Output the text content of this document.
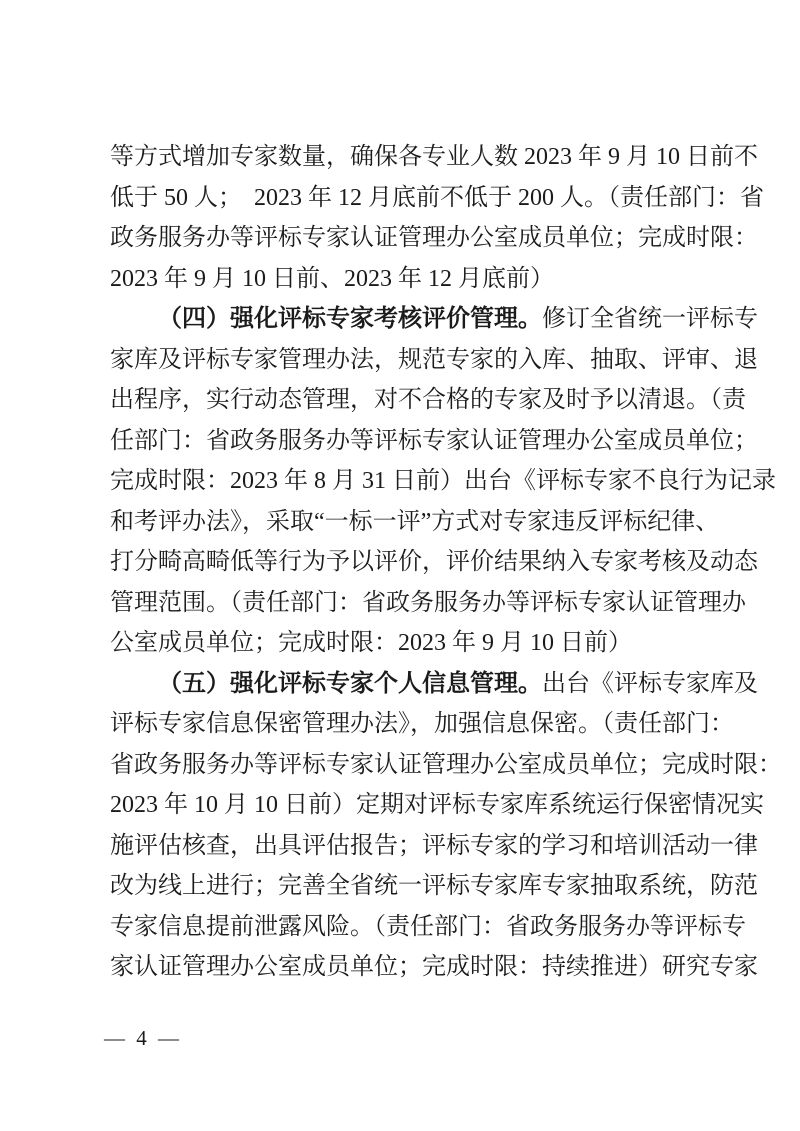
等方式增加专家数量，确保各专业人数 2023 年 9 月 10 日前不
低于 50 人；  2023 年 12 月底前不低于 200 人。（责任部门：省
政务服务办等评标专家认证管理办公室成员单位；完成时限：
2023 年 9 月 10 日前、2023 年 12 月底前）
（四）强化评标专家考核评价管理。修订全省统一评标专
家库及评标专家管理办法，规范专家的入库、抽取、评审、退
出程序，实行动态管理，对不合格的专家及时予以清退。（责
任部门：省政务服务办等评标专家认证管理办公室成员单位；
完成时限：2023 年 8 月 31 日前）出台《评标专家不良行为记录
和考评办法》，采取“一标一评”方式对专家违反评标纪律、
打分畸高畸低等行为予以评价，评价结果纳入专家考核及动态
管理范围。（责任部门：省政务服务办等评标专家认证管理办
公室成员单位；完成时限：2023 年 9 月 10 日前）
（五）强化评标专家个人信息管理。出台《评标专家库及
评标专家信息保密管理办法》，加强信息保密。（责任部门：
省政务服务办等评标专家认证管理办公室成员单位；完成时限：
2023 年 10 月 10 日前）定期对评标专家库系统运行保密情况实
施评估核查，出具评估报告；评标专家的学习和培训活动一律
改为线上进行；完善全省统一评标专家库专家抽取系统，防范
专家信息提前泄露风险。（责任部门：省政务服务办等评标专
家认证管理办公室成员单位；完成时限：持续推进）研究专家
— 4 —
